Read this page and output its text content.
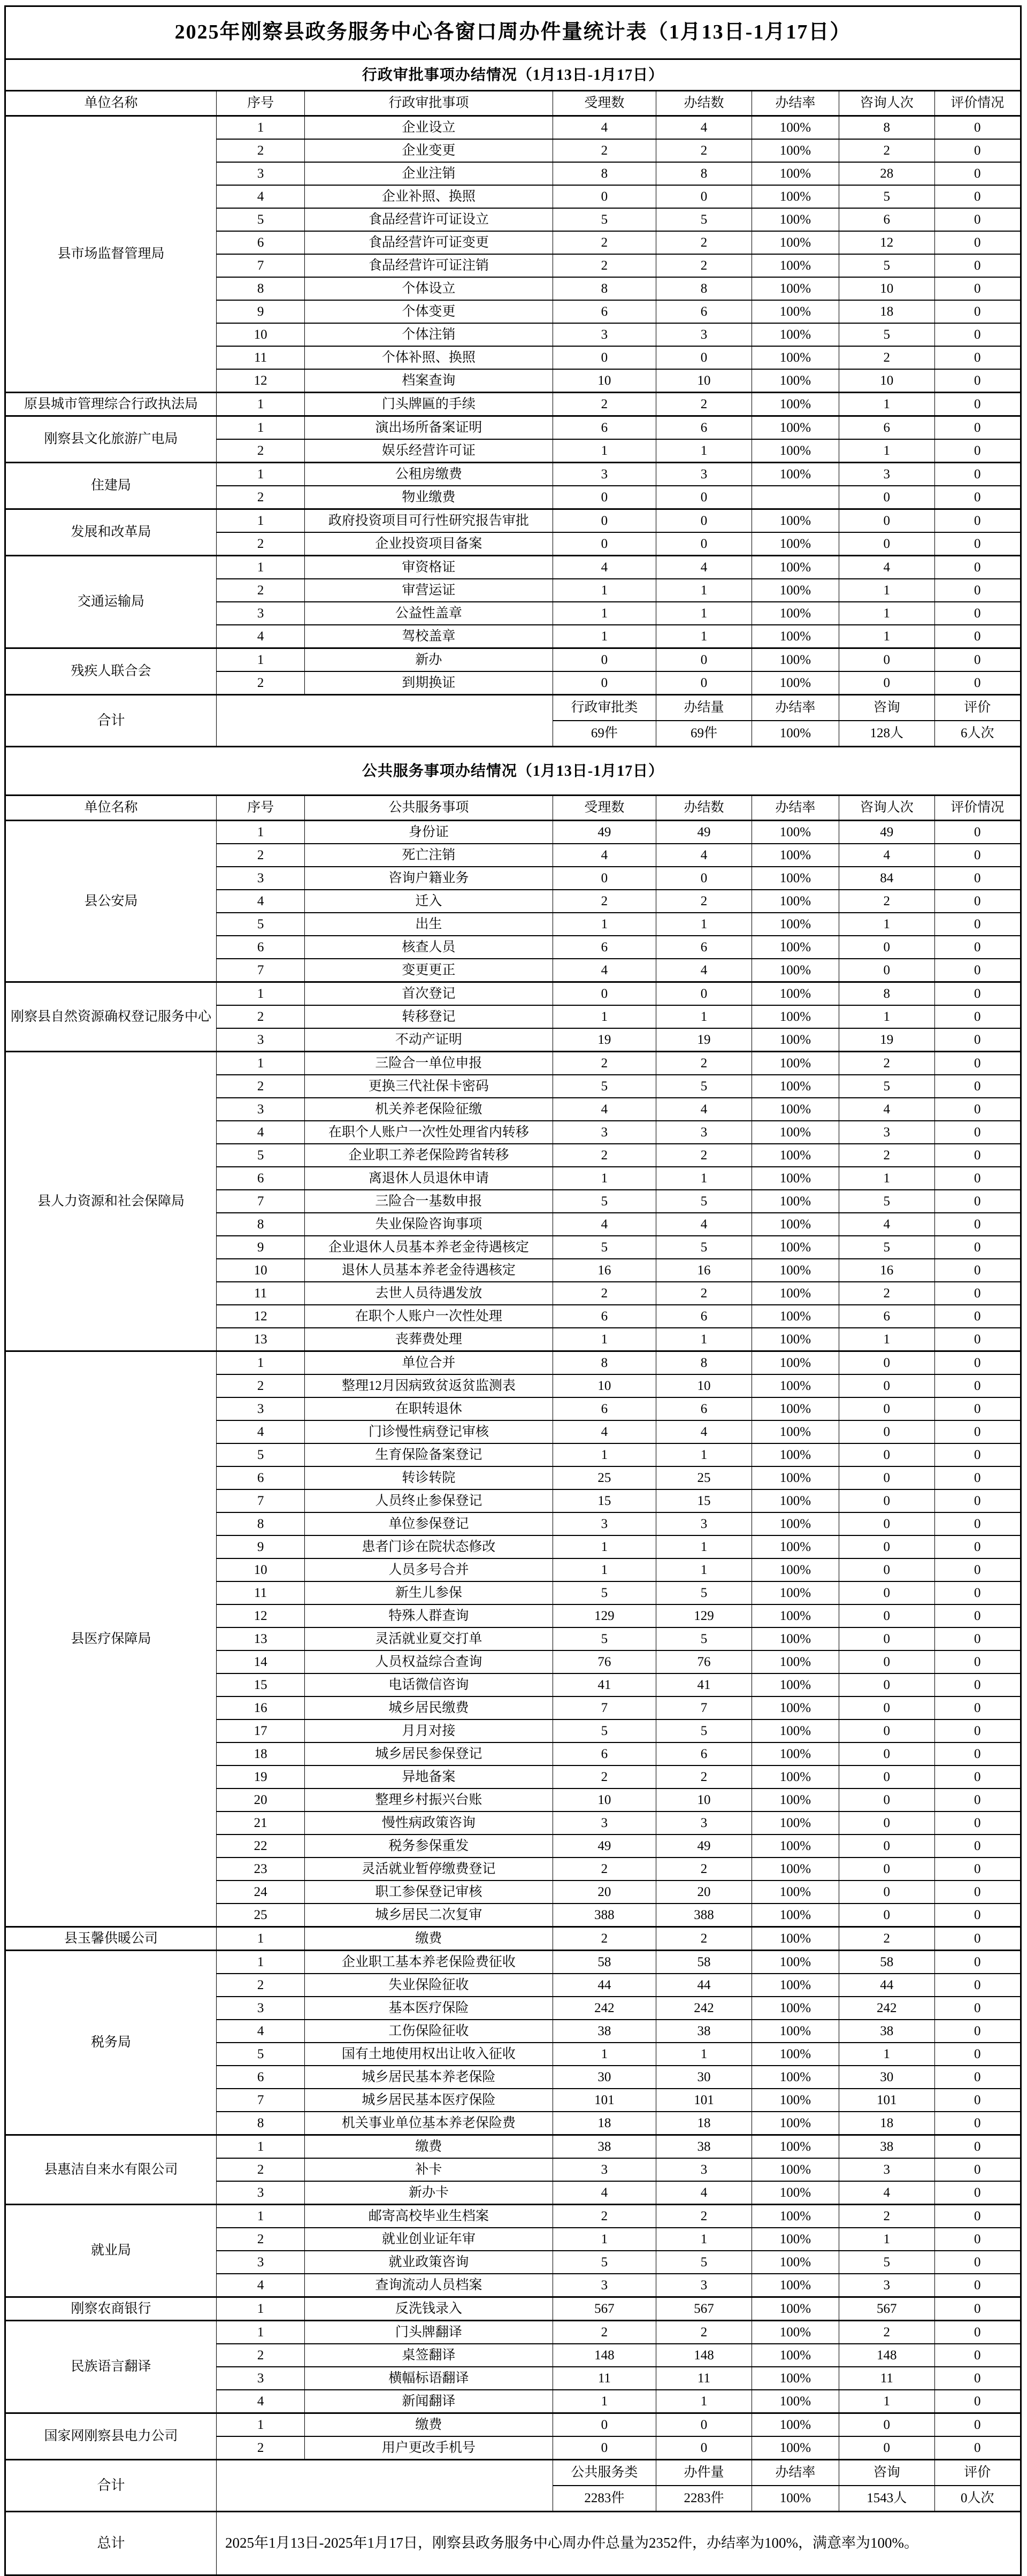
2025年刚察县政务服务中心各窗口周办件量统计表（1月13日-1月17日）							
行政审批事项办结情况（1月13日-1月17日）							
单位名称	序号	行政审批事项	受理数	办结数	办结率	咨询人次	评价情况
县市场监督管理局	1	企业设立	4	4	100%	8	0
	2	企业变更	2	2	100%	2	0
	3	企业注销	8	8	100%	28	0
	4	企业补照、换照	0	0	100%	5	0
	5	食品经营许可证设立	5	5	100%	6	0
	6	食品经营许可证变更	2	2	100%	12	0
	7	食品经营许可证注销	2	2	100%	5	0
	8	个体设立	8	8	100%	10	0
	9	个体变更	6	6	100%	18	0
	10	个体注销	3	3	100%	5	0
	11	个体补照、换照	0	0	100%	2	0
	12	档案查询	10	10	100%	10	0
原县城市管理综合行政执法局	1	门头牌匾的手续	2	2	100%	1	0
刚察县文化旅游广电局	1	演出场所备案证明	6	6	100%	6	0
	2	娱乐经营许可证	1	1	100%	1	0
住建局	1	公租房缴费	3	3	100%	3	0
	2	物业缴费	0	0		0	0
发展和改革局	1	政府投资项目可行性研究报告审批	0	0	100%	0	0
	2	企业投资项目备案	0	0	100%	0	0
交通运输局	1	审资格证	4	4	100%	4	0
	2	审营运证	1	1	100%	1	0
	3	公益性盖章	1	1	100%	1	0
	4	驾校盖章	1	1	100%	1	0
残疾人联合会	1	新办	0	0	100%	0	0
	2	到期换证	0	0	100%	0	0
合计			行政审批类	办结量	办结率	咨询	评价
			69件	69件	100%	128人	6人次
公共服务事项办结情况（1月13日-1月17日）							
单位名称	序号	公共服务事项	受理数	办结数	办结率	咨询人次	评价情况
县公安局	1	身份证	49	49	100%	49	0
	2	死亡注销	4	4	100%	4	0
	3	咨询户籍业务	0	0	100%	84	0
	4	迁入	2	2	100%	2	0
	5	出生	1	1	100%	1	0
	6	核查人员	6	6	100%	0	0
	7	变更更正	4	4	100%	0	0
刚察县自然资源确权登记服务中心	1	首次登记	0	0	100%	8	0
	2	转移登记	1	1	100%	1	0
	3	不动产证明	19	19	100%	19	0
县人力资源和社会保障局	1	三险合一单位申报	2	2	100%	2	0
	2	更换三代社保卡密码	5	5	100%	5	0
	3	机关养老保险征缴	4	4	100%	4	0
	4	在职个人账户一次性处理省内转移	3	3	100%	3	0
	5	企业职工养老保险跨省转移	2	2	100%	2	0
	6	离退休人员退休申请	1	1	100%	1	0
	7	三险合一基数申报	5	5	100%	5	0
	8	失业保险咨询事项	4	4	100%	4	0
	9	企业退休人员基本养老金待遇核定	5	5	100%	5	0
	10	退休人员基本养老金待遇核定	16	16	100%	16	0
	11	去世人员待遇发放	2	2	100%	2	0
	12	在职个人账户一次性处理	6	6	100%	6	0
	13	丧葬费处理	1	1	100%	1	0
县医疗保障局	1	单位合并	8	8	100%	0	0
	2	整理12月因病致贫返贫监测表	10	10	100%	0	0
	3	在职转退休	6	6	100%	0	0
	4	门诊慢性病登记审核	4	4	100%	0	0
	5	生育保险备案登记	1	1	100%	0	0
	6	转诊转院	25	25	100%	0	0
	7	人员终止参保登记	15	15	100%	0	0
	8	单位参保登记	3	3	100%	0	0
	9	患者门诊在院状态修改	1	1	100%	0	0
	10	人员多号合并	1	1	100%	0	0
	11	新生儿参保	5	5	100%	0	0
	12	特殊人群查询	129	129	100%	0	0
	13	灵活就业夏交打单	5	5	100%	0	0
	14	人员权益综合查询	76	76	100%	0	0
	15	电话微信咨询	41	41	100%	0	0
	16	城乡居民缴费	7	7	100%	0	0
	17	月月对接	5	5	100%	0	0
	18	城乡居民参保登记	6	6	100%	0	0
	19	异地备案	2	2	100%	0	0
	20	整理乡村振兴台账	10	10	100%	0	0
	21	慢性病政策咨询	3	3	100%	0	0
	22	税务参保重发	49	49	100%	0	0
	23	灵活就业暂停缴费登记	2	2	100%	0	0
	24	职工参保登记审核	20	20	100%	0	0
	25	城乡居民二次复审	388	388	100%	0	0
县玉馨供暖公司	1	缴费	2	2	100%	2	0
税务局	1	企业职工基本养老保险费征收	58	58	100%	58	0
	2	失业保险征收	44	44	100%	44	0
	3	基本医疗保险	242	242	100%	242	0
	4	工伤保险征收	38	38	100%	38	0
	5	国有土地使用权出让收入征收	1	1	100%	1	0
	6	城乡居民基本养老保险	30	30	100%	30	0
	7	城乡居民基本医疗保险	101	101	100%	101	0
	8	机关事业单位基本养老保险费	18	18	100%	18	0
县惠洁自来水有限公司	1	缴费	38	38	100%	38	0
	2	补卡	3	3	100%	3	0
	3	新办卡	4	4	100%	4	0
就业局	1	邮寄高校毕业生档案	2	2	100%	2	0
	2	就业创业证年审	1	1	100%	1	0
	3	就业政策咨询	5	5	100%	5	0
	4	查询流动人员档案	3	3	100%	3	0
刚察农商银行	1	反洗钱录入	567	567	100%	567	0
民族语言翻译	1	门头牌翻译	2	2	100%	2	0
	2	桌签翻译	148	148	100%	148	0
	3	横幅标语翻译	11	11	100%	11	0
	4	新闻翻译	1	1	100%	1	0
国家网刚察县电力公司	1	缴费	0	0	100%	0	0
	2	用户更改手机号	0	0	100%	0	0
合计			公共服务类	办件量	办结率	咨询	评价
			2283件	2283件	100%	1543人	0人次
总计	2025年1月13日-2025年1月17日，刚察县政务服务中心周办件总量为2352件，办结率为100%，满意率为100%。						
